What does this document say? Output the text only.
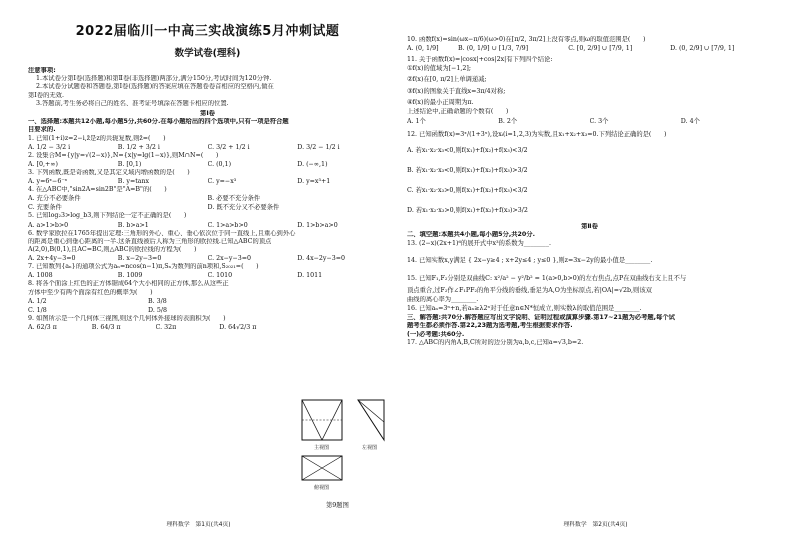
2022届临川一中高三实战演练5月冲刺试题
数学试卷(理科)
注意事项:
1.本试卷分第Ⅰ卷(选择题)和第Ⅱ卷(非选择题)两部分,满分150分,考试时间为120分钟.
2.本试卷分试题卷和答题卷,第Ⅰ卷(选择题)的答案应填在答题卷卷首相应的空格内,做在
第Ⅰ卷的无效.
3.答题前,考生务必将自己的姓名、准考证号填涂在答题卡相应的位置.
第Ⅰ卷
一、选择题:本题共12小题,每小题5分,共60分.在每小题给出的四个选项中,只有一项是符合题
目要求的.
1. 已知(1+i)z=2−i,z̄是z的共轭复数,则z̄=(　　)
A. 1/2 − 3/2 i	B. 1/2 + 3/2 i	C. 3/2 + 1/2 i	D. 3/2 − 1/2 i
2. 设集合M={y|y=√(2−x)},N={x|y=lg(1−x)},则M∩N=(　　)
A. [0,+∞)	B. [0,1)	C. (0,1)	D. (−∞,1)
3. 下列函数,既是奇函数,又是其定义域内增函数的是(　　)
A. y=6ˣ−6⁻ˣ	B. y=tanx	C. y=−x³	D. y=x³+1
4. 在△ABC中,"sin2A=sin2B"是"A=B"的(　　)
A. 充分不必要条件	B. 必要不充分条件
C. 充要条件	D. 既不充分又不必要条件
5. 已知log₂3>log_b3,则下列结论一定不正确的是(　　)
A. a>1>b>0	B. b>a>1	C. 1>a>b>0	D. 1>b>a>0
6. 数学家欧拉在1765年提出定理:三角形的外心、重心、垂心依次位于同一直线上,且重心到外心
的距离是重心到垂心距离的一半.这条直线被后人称为三角形的欧拉线.已知△ABC的顶点
A(2,0),B(0,1),且AC=BC,则△ABC的欧拉线的方程为(　　)
A. 2x+4y−3=0	B. x−2y−3=0	C. 2x−y−3=0	D. 4x−2y−3=0
7. 已知数列{aₙ}的通项公式为aₙ=ncos(n−1)π,Sₙ为数列的前n项和,S₂₀₂₁=(　　)
A. 1008	B. 1009	C. 1010	D. 1011
8. 将各个面涂上红色的正方体锯成64个大小相同的正方体,那么从这些正
方体中至少有两个面涂有红色的概率为(　　)
A. 1/2	B. 3/8
C. 1/8	D. 5/8
9. 如图所示是一个几何体三视图,则这个几何体外接球的表面积为(　　)
A. 62/3 π	B. 64/3 π	C. 32π	D. 64√2/3 π
理科数学　第1页(共4页)
主视图	左视图
俯视图
第9题图
10. 函数f(x)=sin(ωx−π/6)(ω>0)在[π/2, 3π/2]上没有零点,则ω的取值范围是(　　)
A. (0, 1/9]	B. (0, 1/9] ∪ [1/3, 7/9]	C. [0, 2/9] ∪ [7/9, 1]	D. (0, 2/9] ∪ [7/9, 1]
11. 关于函数f(x)=|cosx|+cos|2x|有下列四个结论:
①f(x)的值域为[−1,2];
②f(x)在[0, π/2]上单调递减;
③f(x)的图象关于直线x=3π/4对称;
④f(x)的最小正周期为π.
上述结论中,正确命题的个数有(　　)
A. 1个	B. 2个	C. 3个	D. 4个
12. 已知函数f(x)=3ˣ/(1+3ˣ),设xᵢ(i=1,2,3)为实数,且x₁+x₂+x₃=0.下列结论正确的是(　　)
A. 若x₁·x₂·x₃<0,则f(x₁)+f(x₂)+f(x₃)<3/2
B. 若x₁·x₂·x₃<0,则f(x₁)+f(x₂)+f(x₃)>3/2
C. 若x₁·x₂·x₃>0,则f(x₁)+f(x₂)+f(x₃)<3/2
D. 若x₁·x₂·x₃>0,则f(x₁)+f(x₂)+f(x₃)>3/2
第Ⅱ卷
二、填空题:本题共4小题,每小题5分,共20分.
13. (2−x)(2x+1)⁶的展开式中x³的系数为________.
14. 已知实数x,y满足 { 2x−y≥4 ; x+2y≤4 ; y≤0 },则z=3x−2y的最小值是________.
15. 已知F₁,F₂分别是双曲线C: x²/a² − y²/b² = 1(a>0,b>0)的左右焦点,点P在双曲线右支上且不与
顶点重合,过F₂作∠F₁PF₂的角平分线的垂线,垂足为A,O为坐标原点,若|OA|=√2b,则该双
曲线的离心率为________.
16. 已知aₙ=3ⁿ+n,若aₙ≥λ2ⁿ对于任意n∈N*恒成立,则实数λ的取值范围是________.
三、解答题:共70分.解答题应写出文字说明、证明过程或演算步骤.第17~21题为必考题,每个试
题考生都必须作答.第22,23题为选考题,考生根据要求作答.
(一)必考题:共60分.
17. △ABC的内角A,B,C所对的边分别为a,b,c,已知a=√3,b=2.
理科数学　第2页(共4页)
